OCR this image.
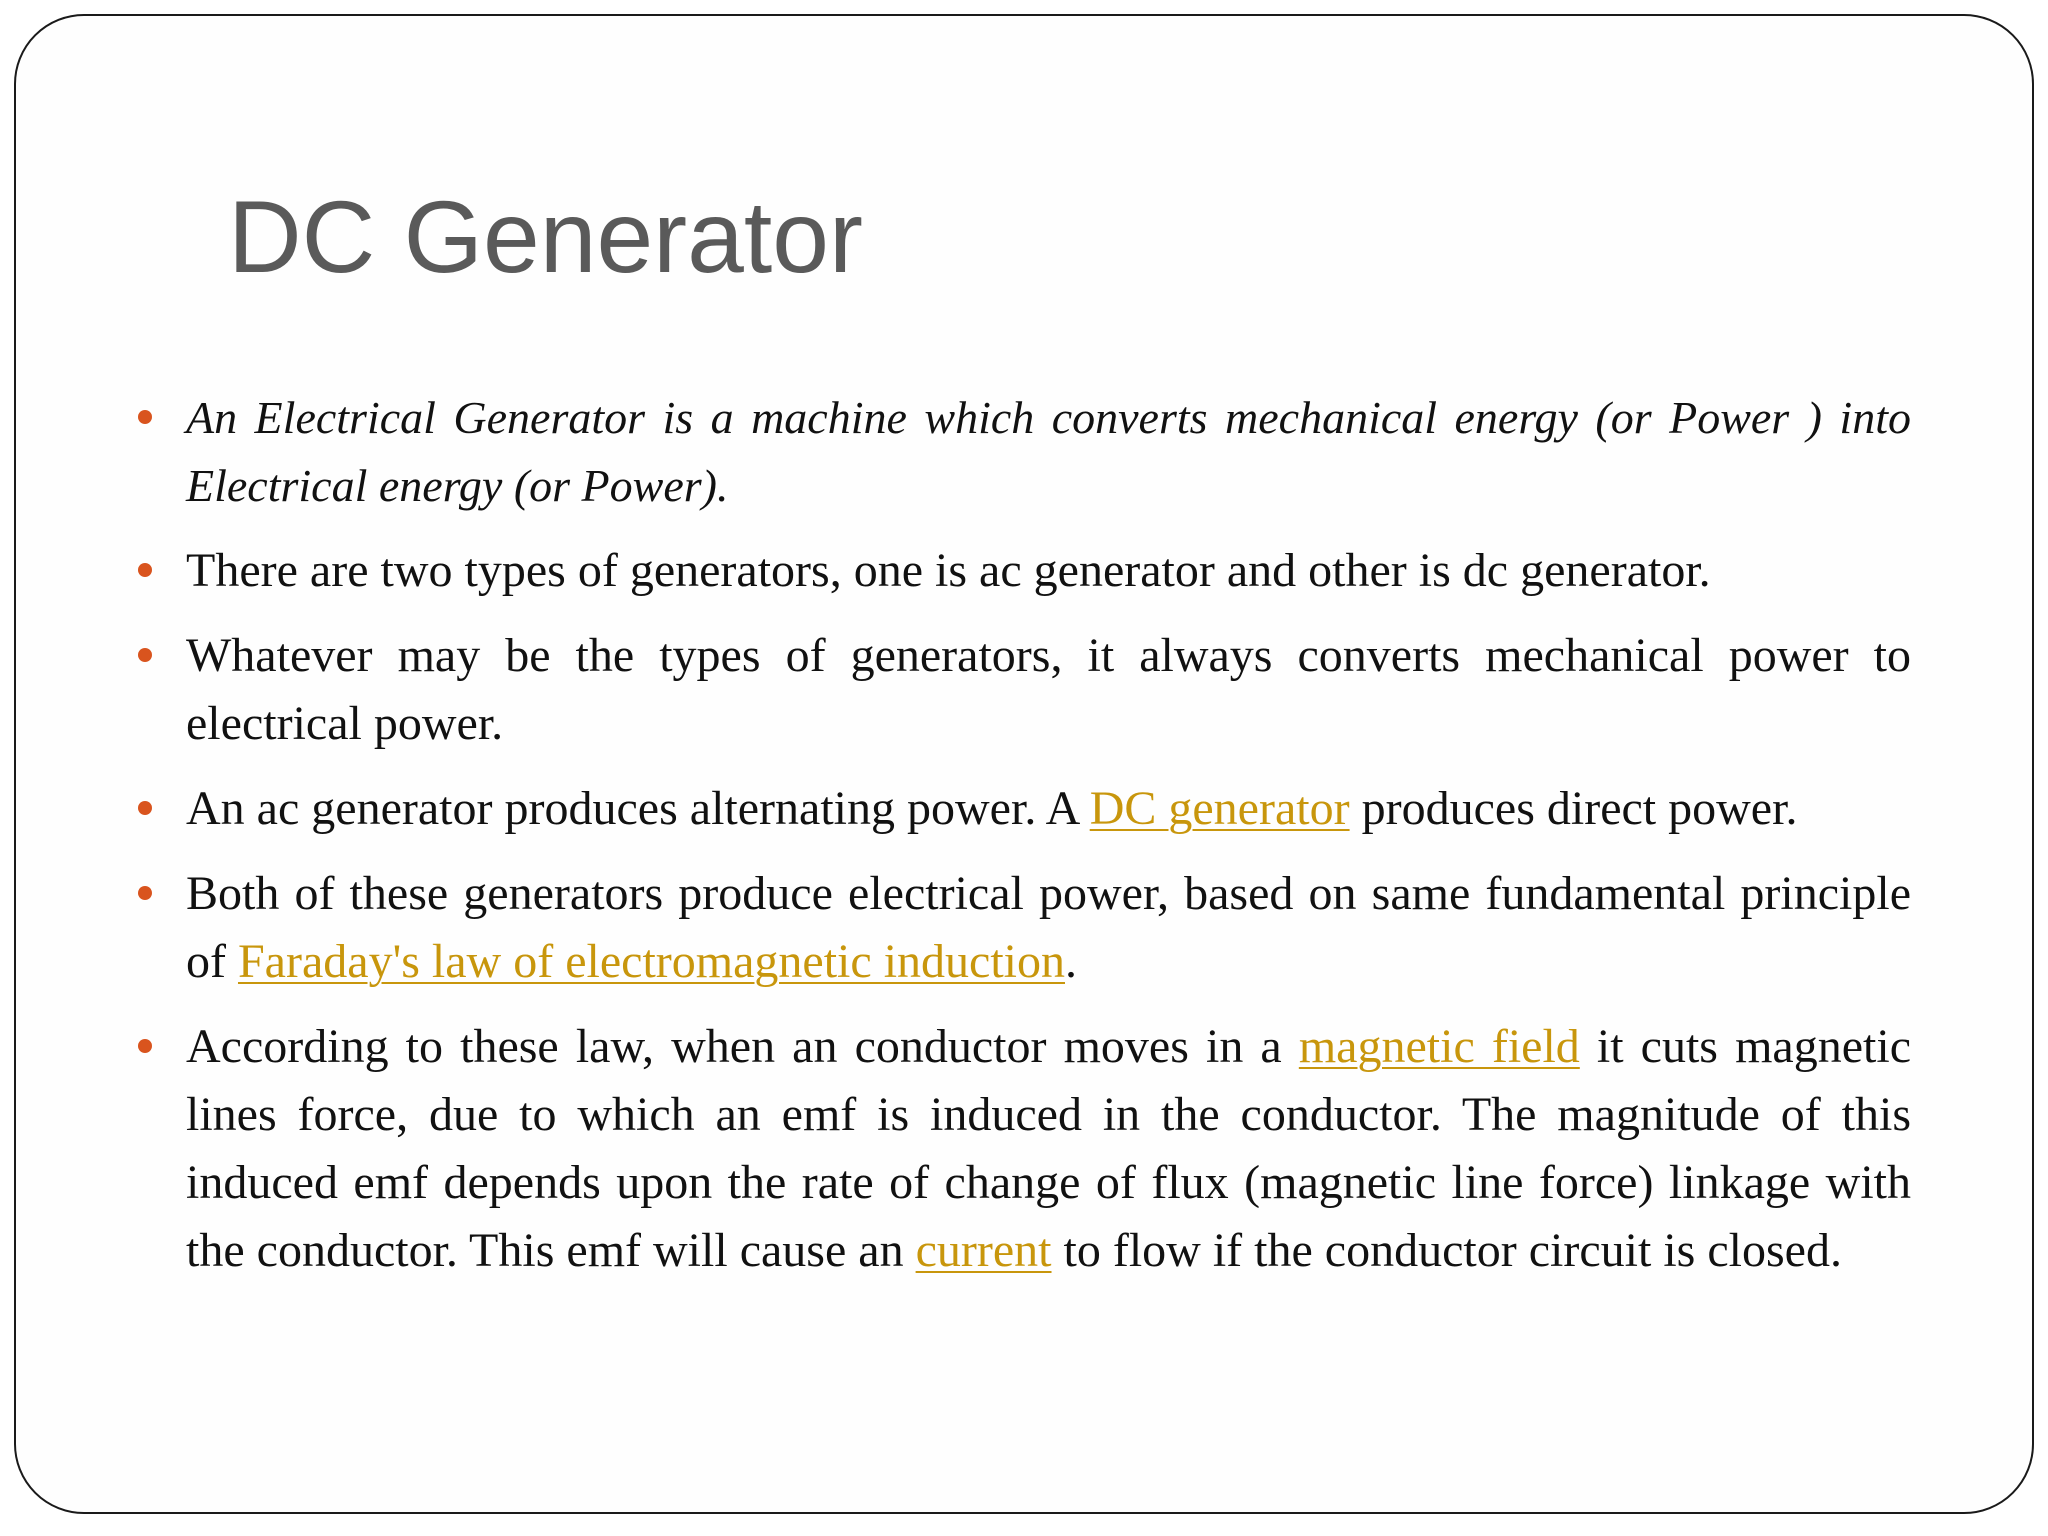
DC Generator
An Electrical Generator is a machine which converts mechanical energy (or Power ) into Electrical energy (or Power).
There are two types of generators, one is ac generator and other is dc generator.
Whatever may be the types of generators, it always converts mechanical power to electrical power.
An ac generator produces alternating power. A DC generator produces direct power.
Both of these generators produce electrical power, based on same fundamental principle of Faraday's law of electromagnetic induction.
According to these law, when an conductor moves in a magnetic field it cuts magnetic lines force, due to which an emf is induced in the conductor. The magnitude of this induced emf depends upon the rate of change of flux (magnetic line force) linkage with the conductor. This emf will cause an current to flow if the conductor circuit is closed.
